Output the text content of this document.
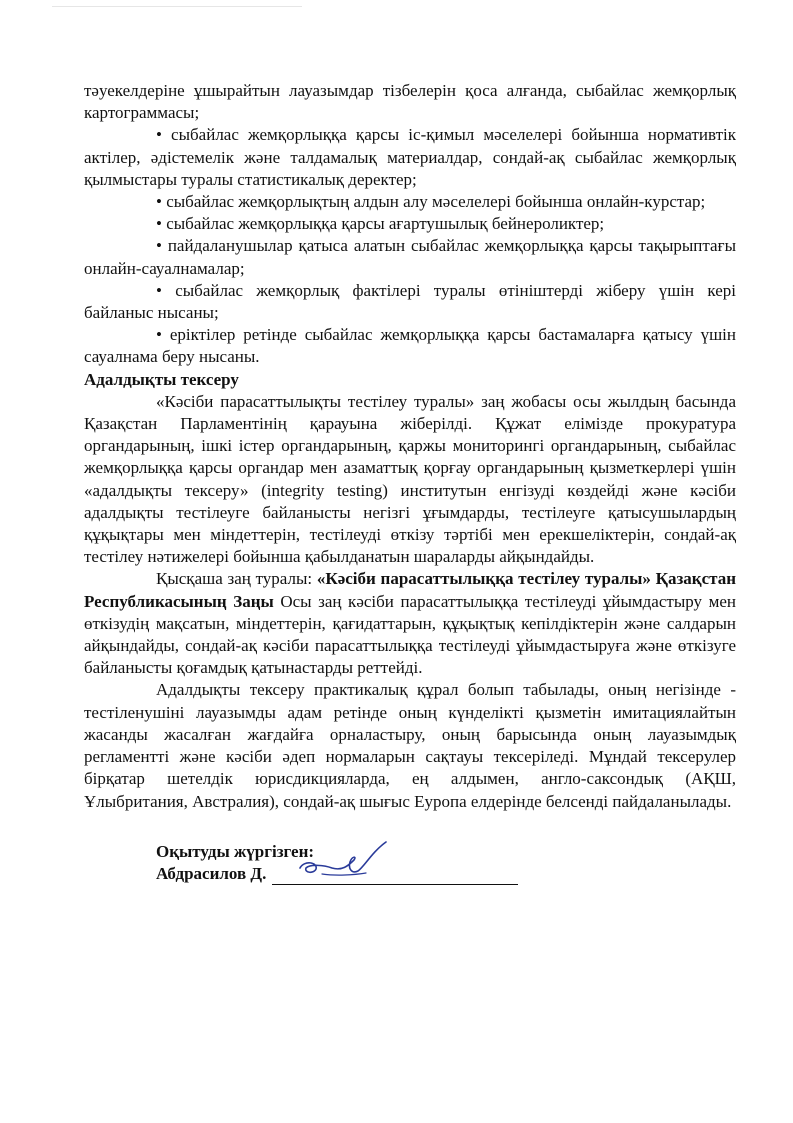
тәуекелдеріне ұшырайтын лауазымдар тізбелерін қоса алғанда, сыбайлас жемқорлық картограммасы;

• сыбайлас жемқорлыққа қарсы іс-қимыл мәселелері бойынша нормативтік актілер, әдістемелік және талдамалық материалдар, сондай-ақ сыбайлас жемқорлық қылмыстары туралы статистикалық деректер;

• сыбайлас жемқорлықтың алдын алу мәселелері бойынша онлайн-курстар;

• сыбайлас жемқорлыққа қарсы ағартушылық бейнероликтер;

• пайдаланушылар қатыса алатын сыбайлас жемқорлыққа қарсы тақырыптағы онлайн-сауалнамалар;

• сыбайлас жемқорлық фактілері туралы өтініштерді жіберу үшін кері байланыс нысаны;

• еріктілер ретінде сыбайлас жемқорлыққа қарсы бастамаларға қатысу үшін сауалнама беру нысаны.

Адалдықты тексеру

«Кәсіби парасаттылықты тестілеу туралы» заң жобасы осы жылдың басында Қазақстан Парламентінің қарауына жіберілді. Құжат елімізде прокуратура органдарының, ішкі істер органдарының, қаржы мониторингі органдарының, сыбайлас жемқорлыққа қарсы органдар мен азаматтық қорғау органдарының қызметкерлері үшін «адалдықты тексеру» (integrity testing) институтын енгізуді көздейді және кәсіби адалдықты тестілеуге байланысты негізгі ұғымдарды, тестілеуге қатысушылардың құқықтары мен міндеттерін, тестілеуді өткізу тәртібі мен ерекшеліктерін, сондай-ақ тестілеу нәтижелері бойынша қабылданатын шараларды айқындайды.

Қысқаша заң туралы: «Кәсіби парасаттылыққа тестілеу туралы» Қазақстан Республикасының Заңы Осы заң кәсіби парасаттылыққа тестілеуді ұйымдастыру мен өткізудің мақсатын, міндеттерін, қағидаттарын, құқықтық кепілдіктерін және салдарын айқындайды, сондай-ақ кәсіби парасаттылыққа тестілеуді ұйымдастыруға және өткізуге байланысты қоғамдық қатынастарды реттейді.

Адалдықты тексеру практикалық құрал болып табылады, оның негізінде - тестіленушіні лауазымды адам ретінде оның күнделікті қызметін имитациялайтын жасанды жасалған жағдайға орналастыру, оның барысында оның лауазымдық регламентті және кәсіби әдеп нормаларын сақтауы тексеріледі. Мұндай тексерулер бірқатар шетелдік юрисдикцияларда, ең алдымен, англо-саксондық (АҚШ, Ұлыбритания, Австралия), сондай-ақ шығыс Еуропа елдерінде белсенді пайдаланылады.

Оқытуды жүргізген:
Абдрасилов Д.
